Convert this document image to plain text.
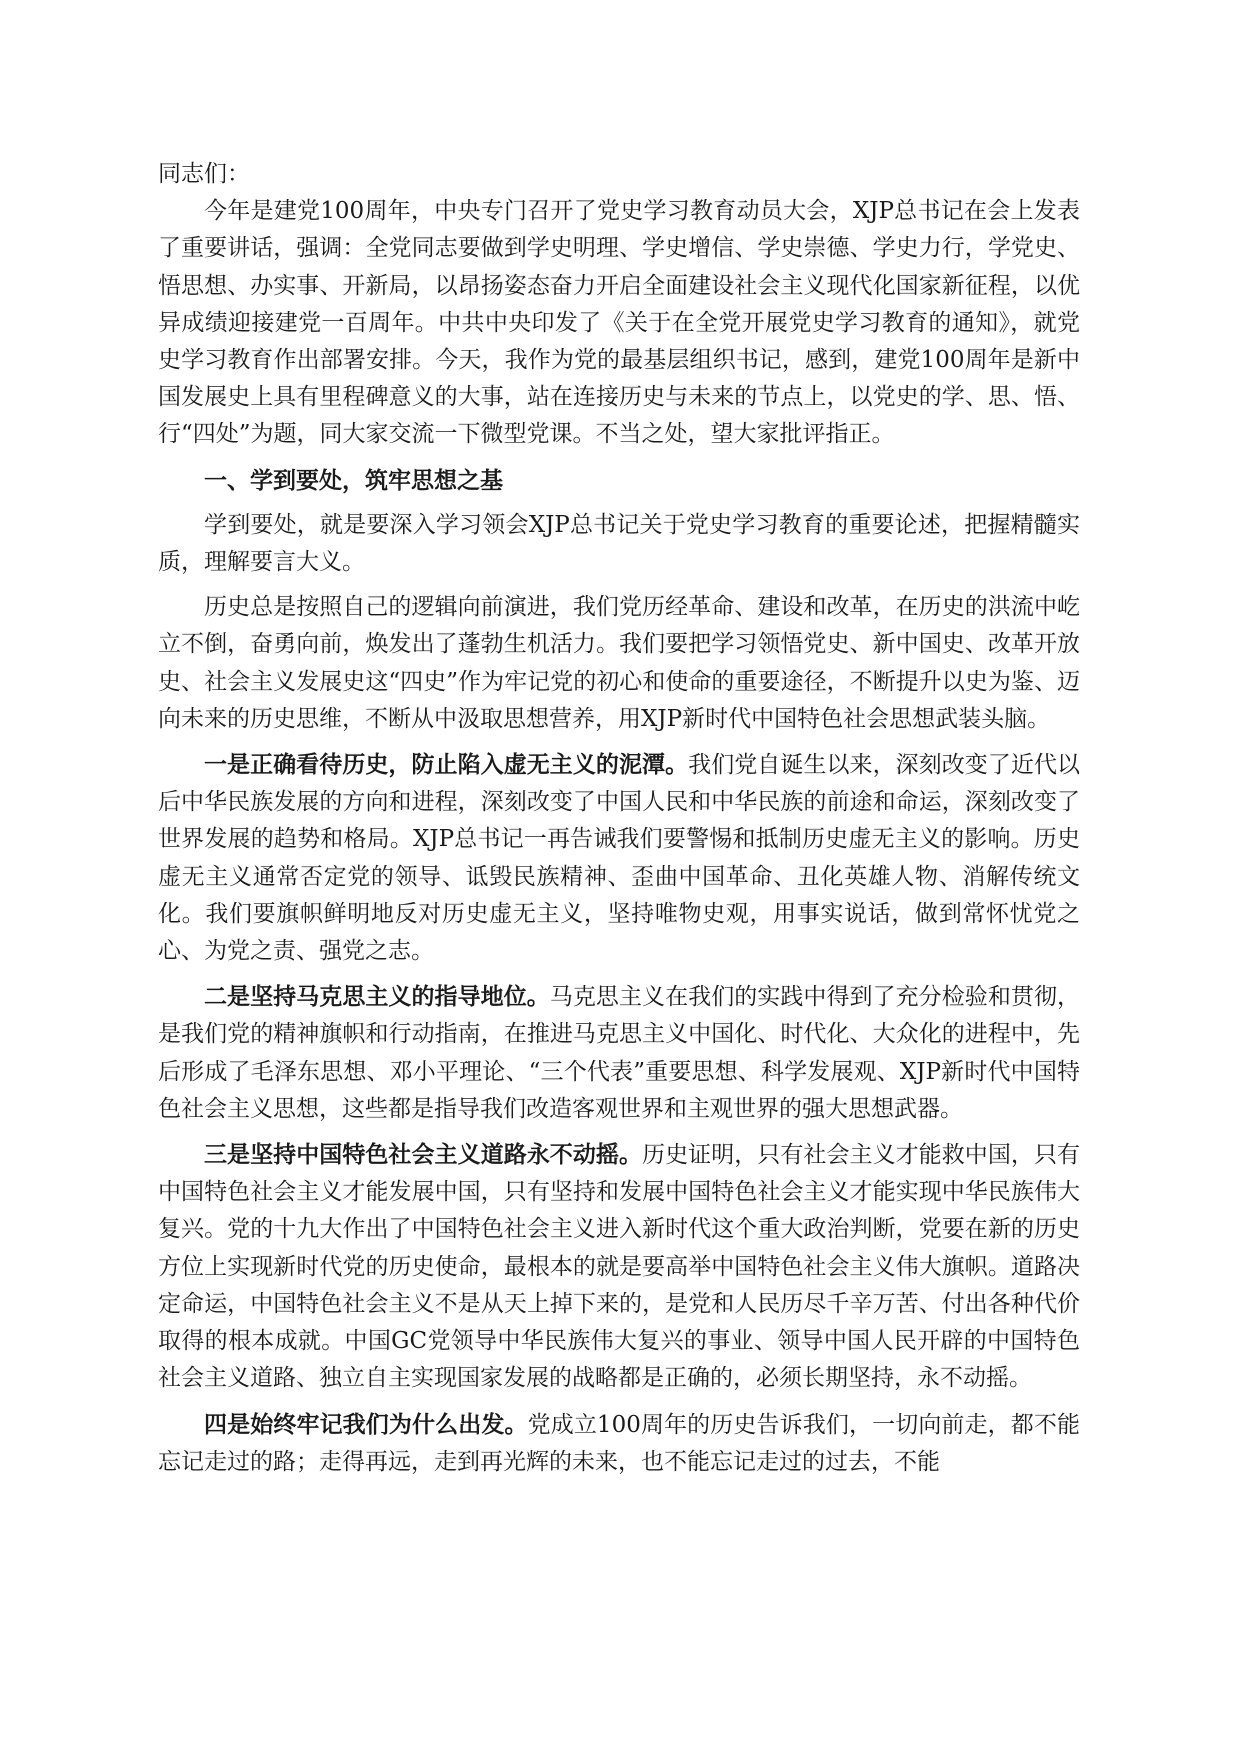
同志们：

今年是建党100周年，中央专门召开了党史学习教育动员大会，XJP总书记在会上发表了重要讲话，强调：全党同志要做到学史明理、学史增信、学史崇德、学史力行，学党史、悟思想、办实事、开新局，以昂扬姿态奋力开启全面建设社会主义现代化国家新征程，以优异成绩迎接建党一百周年。中共中央印发了《关于在全党开展党史学习教育的通知》，就党史学习教育作出部署安排。今天，我作为党的最基层组织书记，感到，建党100周年是新中国发展史上具有里程碑意义的大事，站在连接历史与未来的节点上，以党史的学、思、悟、行“四处”为题，同大家交流一下微型党课。不当之处，望大家批评指正。

一、学到要处，筑牢思想之基

学到要处，就是要深入学习领会XJP总书记关于党史学习教育的重要论述，把握精髓实质，理解要言大义。

历史总是按照自己的逻辑向前演进，我们党历经革命、建设和改革，在历史的洪流中屹立不倒，奋勇向前，焕发出了蓬勃生机活力。我们要把学习领悟党史、新中国史、改革开放史、社会主义发展史这“四史”作为牢记党的初心和使命的重要途径，不断提升以史为鉴、迈向未来的历史思维，不断从中汲取思想营养，用XJP新时代中国特色社会思想武装头脑。

一是正确看待历史，防止陷入虚无主义的泥潭。我们党自诞生以来，深刻改变了近代以后中华民族发展的方向和进程，深刻改变了中国人民和中华民族的前途和命运，深刻改变了世界发展的趋势和格局。XJP总书记一再告诫我们要警惕和抵制历史虚无主义的影响。历史虚无主义通常否定党的领导、诋毁民族精神、歪曲中国革命、丑化英雄人物、消解传统文化。我们要旗帜鲜明地反对历史虚无主义，坚持唯物史观，用事实说话，做到常怀忧党之心、为党之责、强党之志。

二是坚持马克思主义的指导地位。马克思主义在我们的实践中得到了充分检验和贯彻，是我们党的精神旗帜和行动指南，在推进马克思主义中国化、时代化、大众化的进程中，先后形成了毛泽东思想、邓小平理论、“三个代表”重要思想、科学发展观、XJP新时代中国特色社会主义思想，这些都是指导我们改造客观世界和主观世界的强大思想武器。

三是坚持中国特色社会主义道路永不动摇。历史证明，只有社会主义才能救中国，只有中国特色社会主义才能发展中国，只有坚持和发展中国特色社会主义才能实现中华民族伟大复兴。党的十九大作出了中国特色社会主义进入新时代这个重大政治判断，党要在新的历史方位上实现新时代党的历史使命，最根本的就是要高举中国特色社会主义伟大旗帜。道路决定命运，中国特色社会主义不是从天上掉下来的，是党和人民历尽千辛万苦、付出各种代价取得的根本成就。中国GC党领导中华民族伟大复兴的事业、领导中国人民开辟的中国特色社会主义道路、独立自主实现国家发展的战略都是正确的，必须长期坚持，永不动摇。

四是始终牢记我们为什么出发。党成立100周年的历史告诉我们，一切向前走，都不能忘记走过的路；走得再远，走到再光辉的未来，也不能忘记走过的过去，不能
